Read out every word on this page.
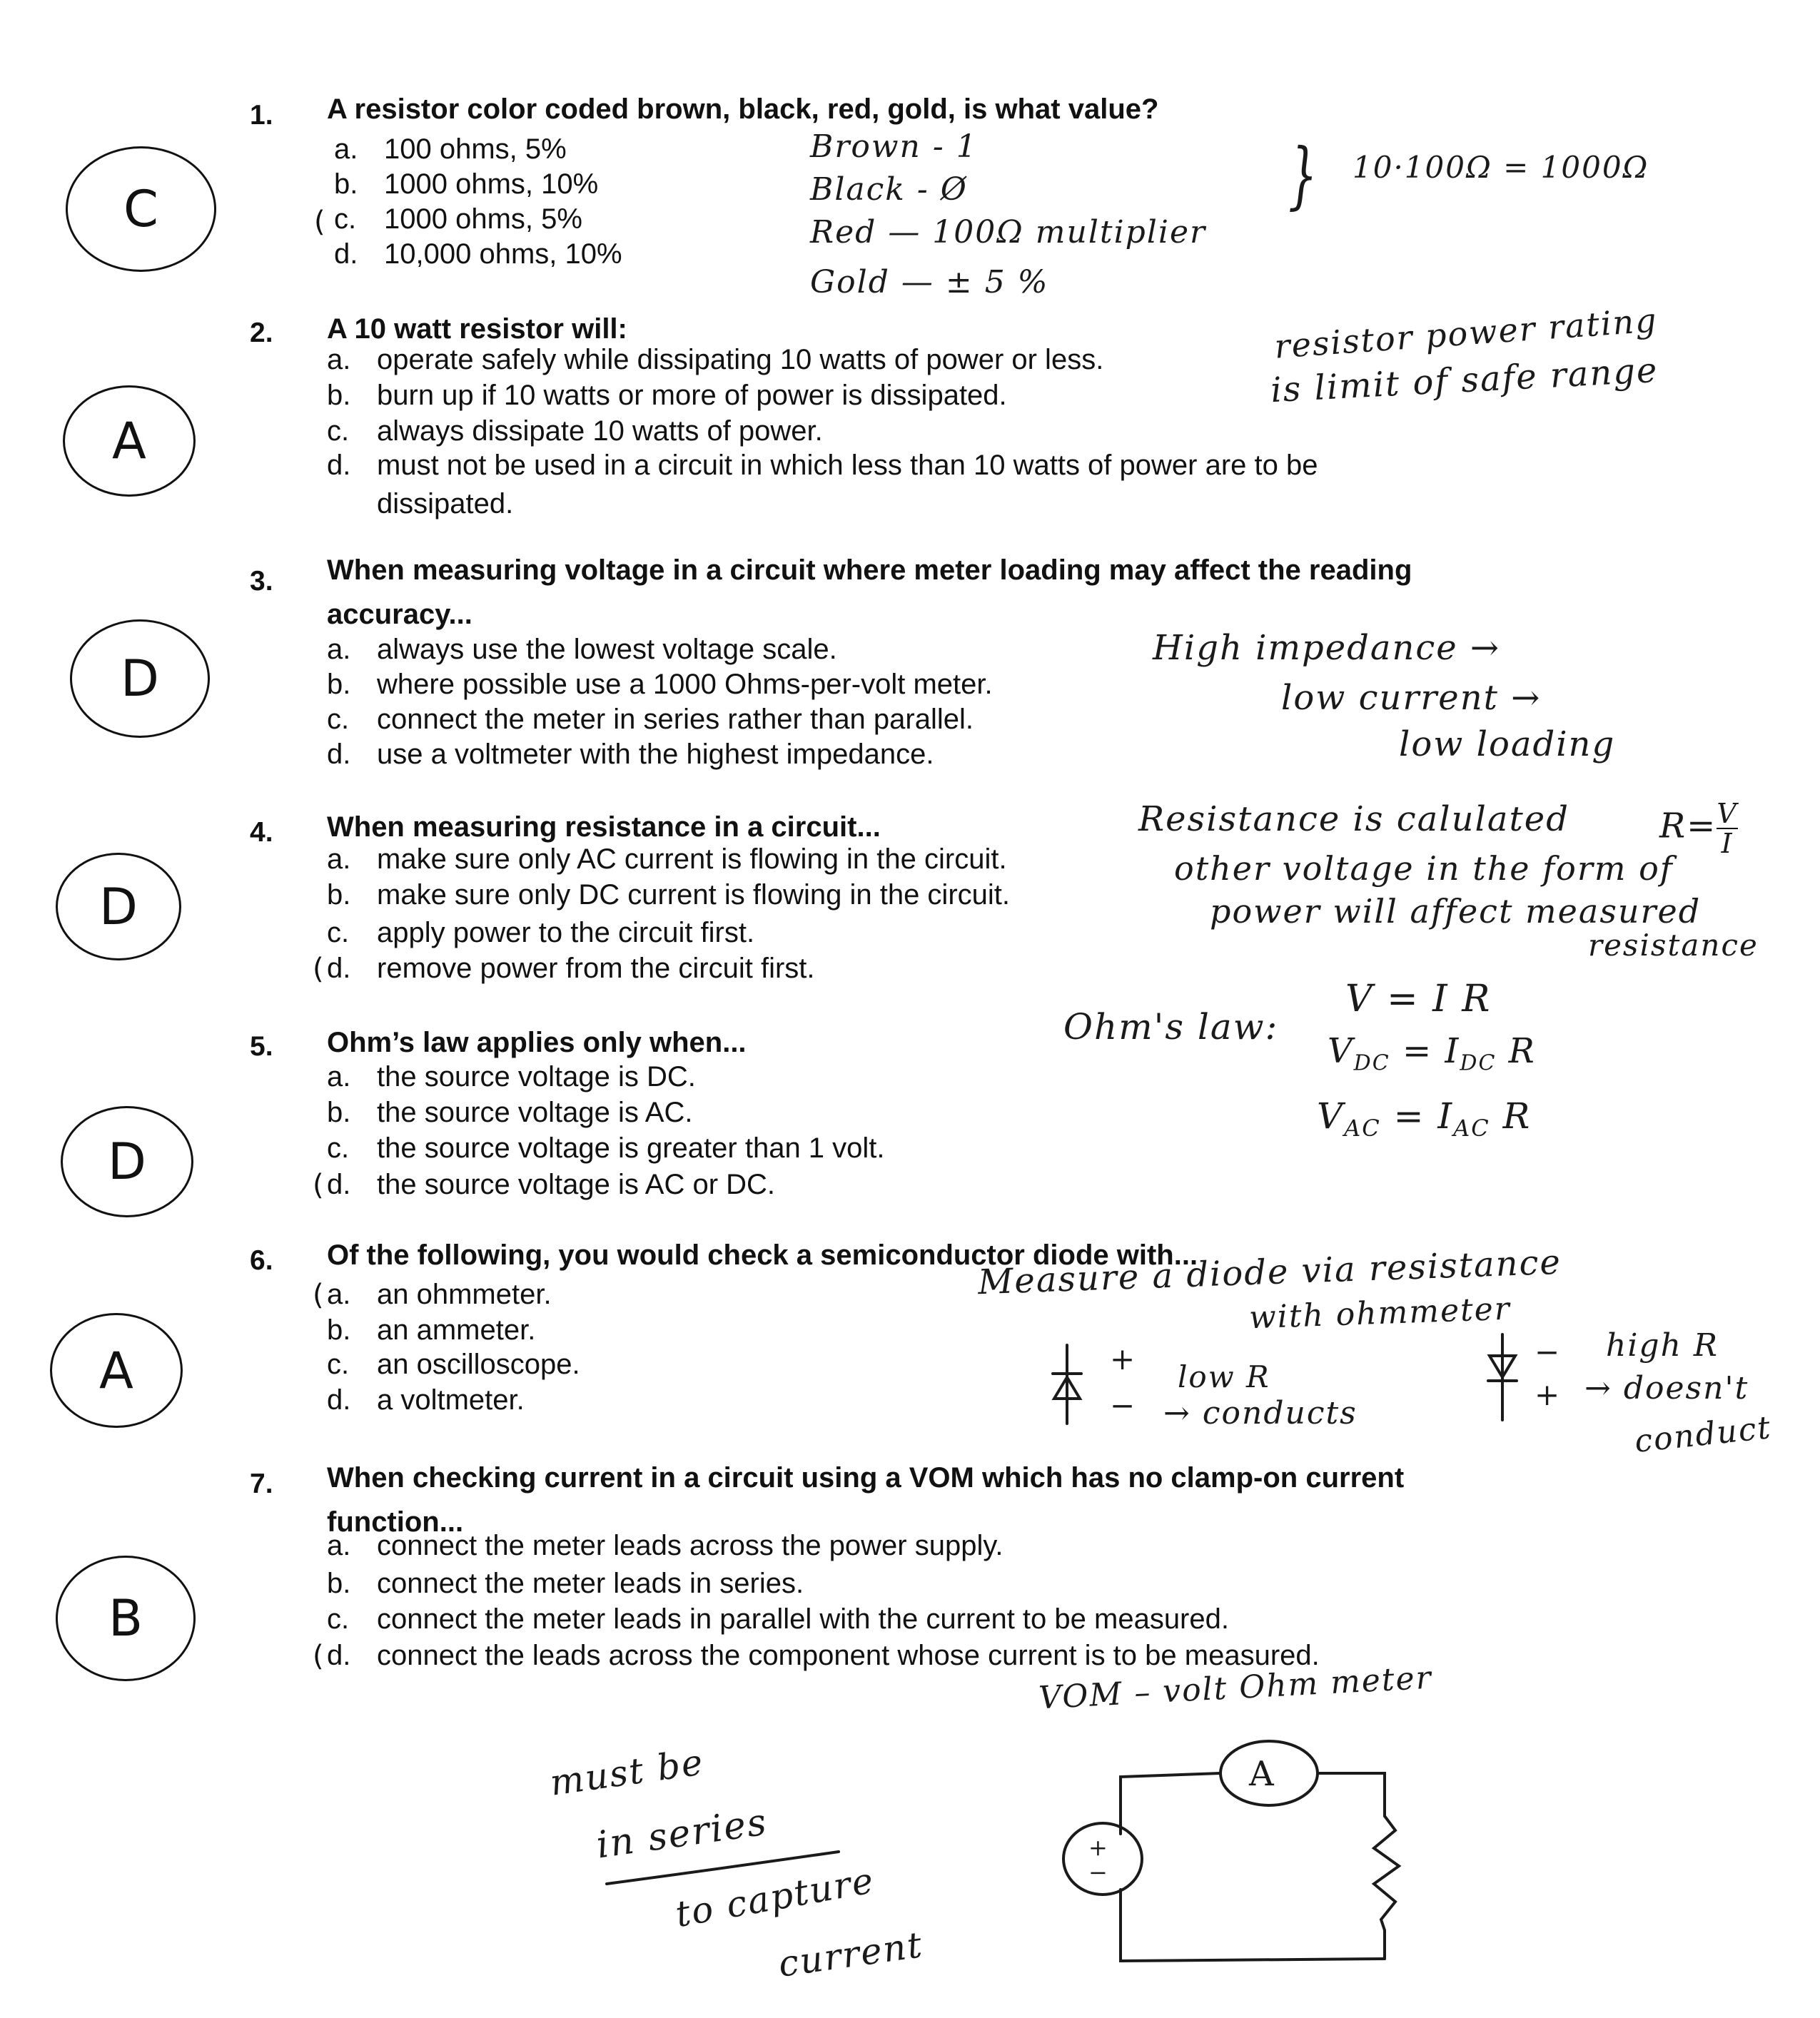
1. A resistor color coded brown, black, red, gold, is what value?
a. 100 ohms, 5%
b. 1000 ohms, 10%
c. 1000 ohms, 5%
d. 10,000 ohms, 10%
(
C
2. A 10 watt resistor will:
a. operate safely while dissipating 10 watts of power or less.
b. burn up if 10 watts or more of power is dissipated.
c. always dissipate 10 watts of power.
d. must not be used in a circuit in which less than 10 watts of power are to be
dissipated.
A
3. When measuring voltage in a circuit where meter loading may affect the reading
accuracy...
a. always use the lowest voltage scale.
b. where possible use a 1000 Ohms-per-volt meter.
c. connect the meter in series rather than parallel.
d. use a voltmeter with the highest impedance.
D
4. When measuring resistance in a circuit...
a. make sure only AC current is flowing in the circuit.
b. make sure only DC current is flowing in the circuit.
c. apply power to the circuit first.
d. remove power from the circuit first.
(
D
5. Ohm’s law applies only when...
a. the source voltage is DC.
b. the source voltage is AC.
c. the source voltage is greater than 1 volt.
d. the source voltage is AC or DC.
(
D
6. Of the following, you would check a semiconductor diode with...
a. an ohmmeter.
b. an ammeter.
c. an oscilloscope.
d. a voltmeter.
(
A
7. When checking current in a circuit using a VOM which has no clamp-on current
function...
a. connect the meter leads across the power supply.
b. connect the meter leads in series.
c. connect the meter leads in parallel with the current to be measured.
d. connect the leads across the component whose current is to be measured.
(
B
Brown - 1
Black - Ø
Red — 100Ω multiplier
Gold — ± 5 %
} 10·100Ω = 1000Ω
resistor power rating
is limit of safe range
High impedance →
low current →
low loading
Resistance is calulated	$R= \frac{V}{I}$
other voltage in the form of
power will affect measured
resistance
Ohm's law:
V = I R
$V_{DC} = I_{DC}$ R
$V_{AC} = I_{AC}$ R
Measure a diode via resistance
with ohmmeter
+
−
low R
→ conducts
−
+
high R
→ doesn't
conduct
VOM – volt Ohm meter
must be
in series
to capture
current
A
+
−
